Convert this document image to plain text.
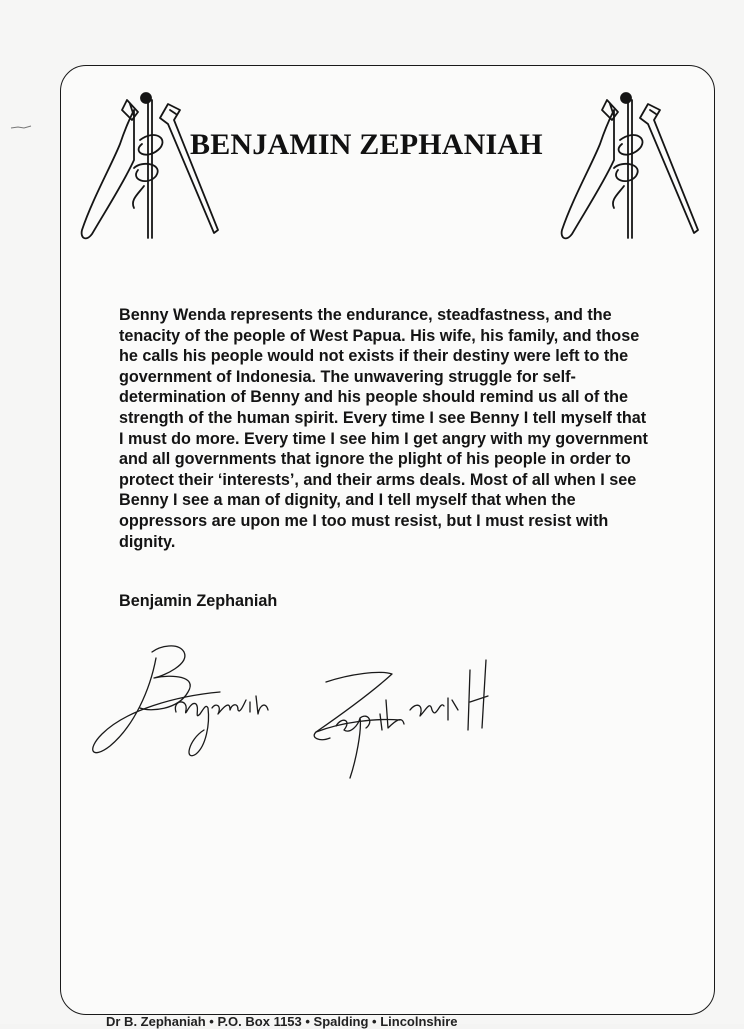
BENJAMIN ZEPHANIAH

Benny Wenda represents the endurance, steadfastness, and the tenacity of the people of West Papua. His wife, his family, and those he calls his people would not exists if their destiny were left to the government of Indonesia. The unwavering struggle for self-determination of Benny and his people should remind us all of the strength of the human spirit. Every time I see Benny I tell myself that I must do more. Every time I see him I get angry with my government and all governments that ignore the plight of his people in order to protect their ‘interests’, and their arms deals. Most of all when I see Benny I see a man of dignity, and I tell myself that when the oppressors are upon me I too must resist, but I must resist with dignity.

Benjamin Zephaniah

Dr B. Zephaniah • P.O. Box 1153 • Spalding • Lincolnshire
